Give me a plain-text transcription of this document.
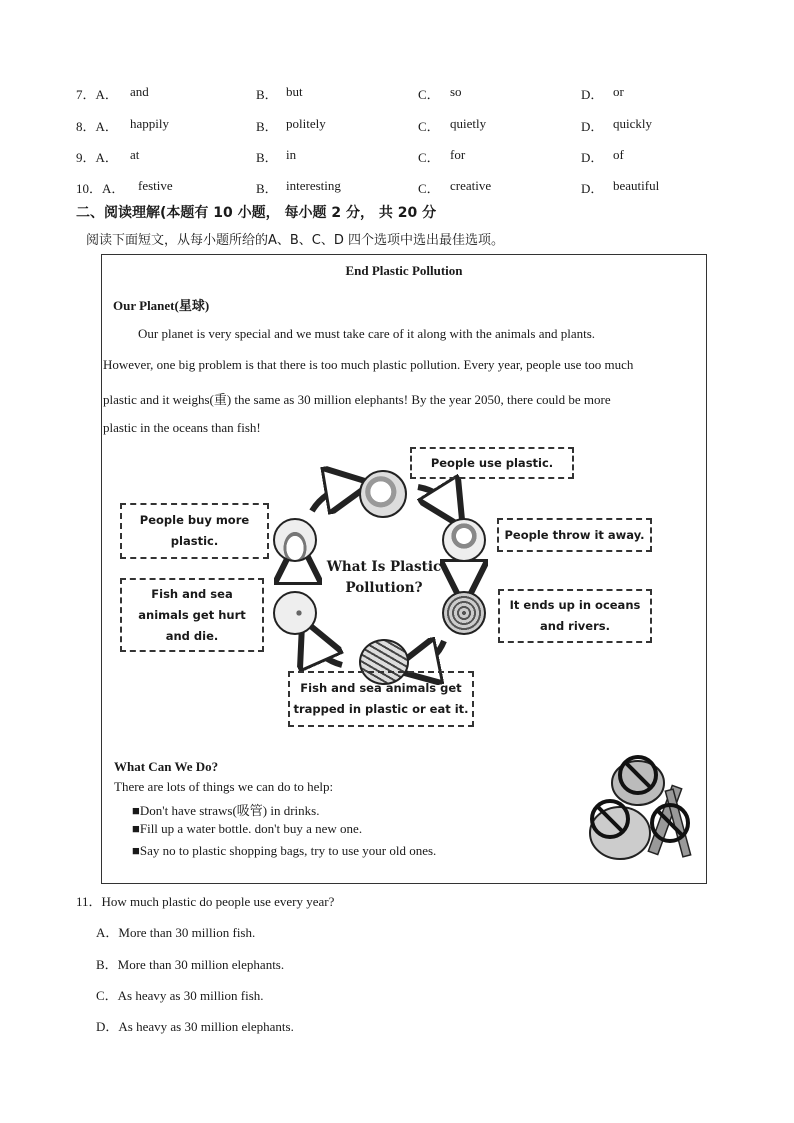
7．A． and	B． but	C． so	D． or
8．A． happily	B． politely	C． quietly	D． quickly
9．A． at	B． in	C． for	D． of
10．A． festive	B． interesting	C． creative	D． beautiful
二、阅读理解(本题有 10 小题， 每小题 2 分， 共 20 分
阅读下面短文，从每小题所给的A、B、C、D 四个选项中选出最佳选项。
End Plastic Pollution
Our Planet(星球)
Our planet is very special and we must take care of it along with the animals and plants.
However, one big problem is that there is too much plastic pollution. Every year, people use too much
plastic and it weighs(重) the same as 30 million elephants! By the year 2050, there could be more
plastic in the oceans than fish!
What Is Plastic
Pollution?
People use plastic.
People throw it away.
It ends up in oceans
and rivers.
Fish and sea animals get
trapped in plastic or eat it.
Fish and sea
animals get hurt
and die.
People buy more
plastic.
What Can We Do?
There are lots of things we can do to help:
■Don't have straws(吸管) in drinks.
■Fill up a water bottle. don't buy a new one.
■Say no to plastic shopping bags, try to use your old ones.
11．How much plastic do people use every year?
A．More than 30 million fish.
B．More than 30 million elephants.
C．As heavy as 30 million fish.
D．As heavy as 30 million elephants.
